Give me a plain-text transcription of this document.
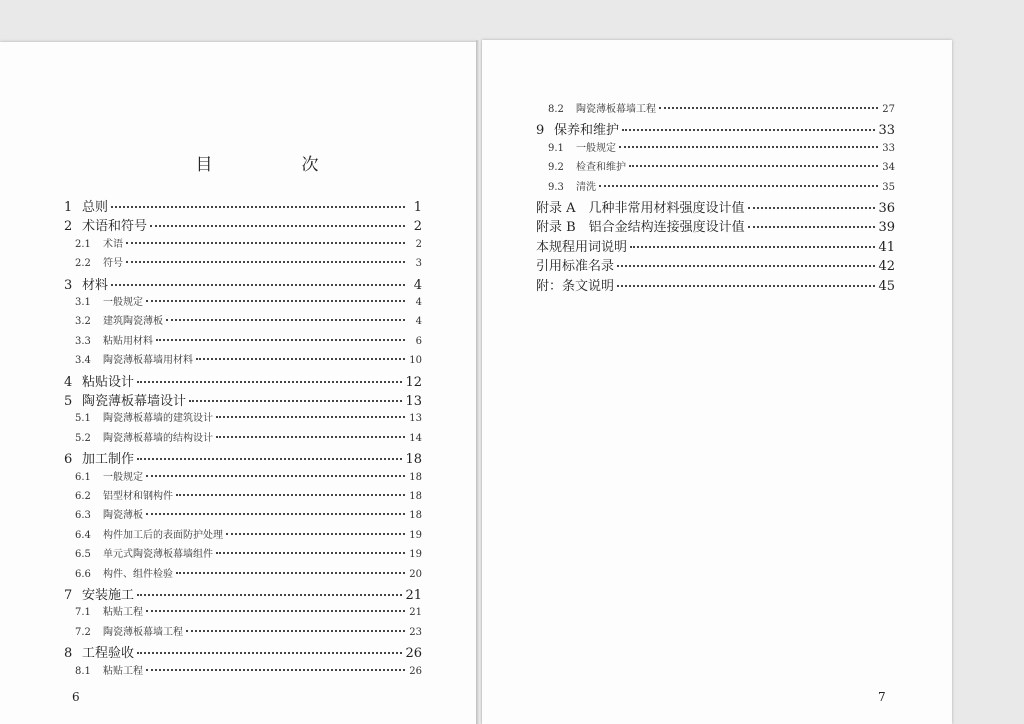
目　次
1 总则	1
2 术语和符号	2
2.1	术语	2
2.2	符号	3
3 材料	4
3.1	一般规定	4
3.2	建筑陶瓷薄板	4
3.3	粘贴用材料	6
3.4	陶瓷薄板幕墙用材料	10
4 粘贴设计	12
5 陶瓷薄板幕墙设计	13
5.1	陶瓷薄板幕墙的建筑设计	13
5.2	陶瓷薄板幕墙的结构设计	14
6 加工制作	18
6.1	一般规定	18
6.2	铝型材和钢构件	18
6.3	陶瓷薄板	18
6.4	构件加工后的表面防护处理	19
6.5	单元式陶瓷薄板幕墙组件	19
6.6	构件、组件检验	20
7 安装施工	21
7.1	粘贴工程	21
7.2	陶瓷薄板幕墙工程	23
8 工程验收	26
8.1	粘贴工程	26
6
8.2	陶瓷薄板幕墙工程	27
9 保养和维护	33
9.1	一般规定	33
9.2	检查和维护	34
9.3	清洗	35
附录 A　几种非常用材料强度设计值	36
附录 B　铝合金结构连接强度设计值	39
本规程用词说明	41
引用标准名录	42
附：条文说明	45
7
